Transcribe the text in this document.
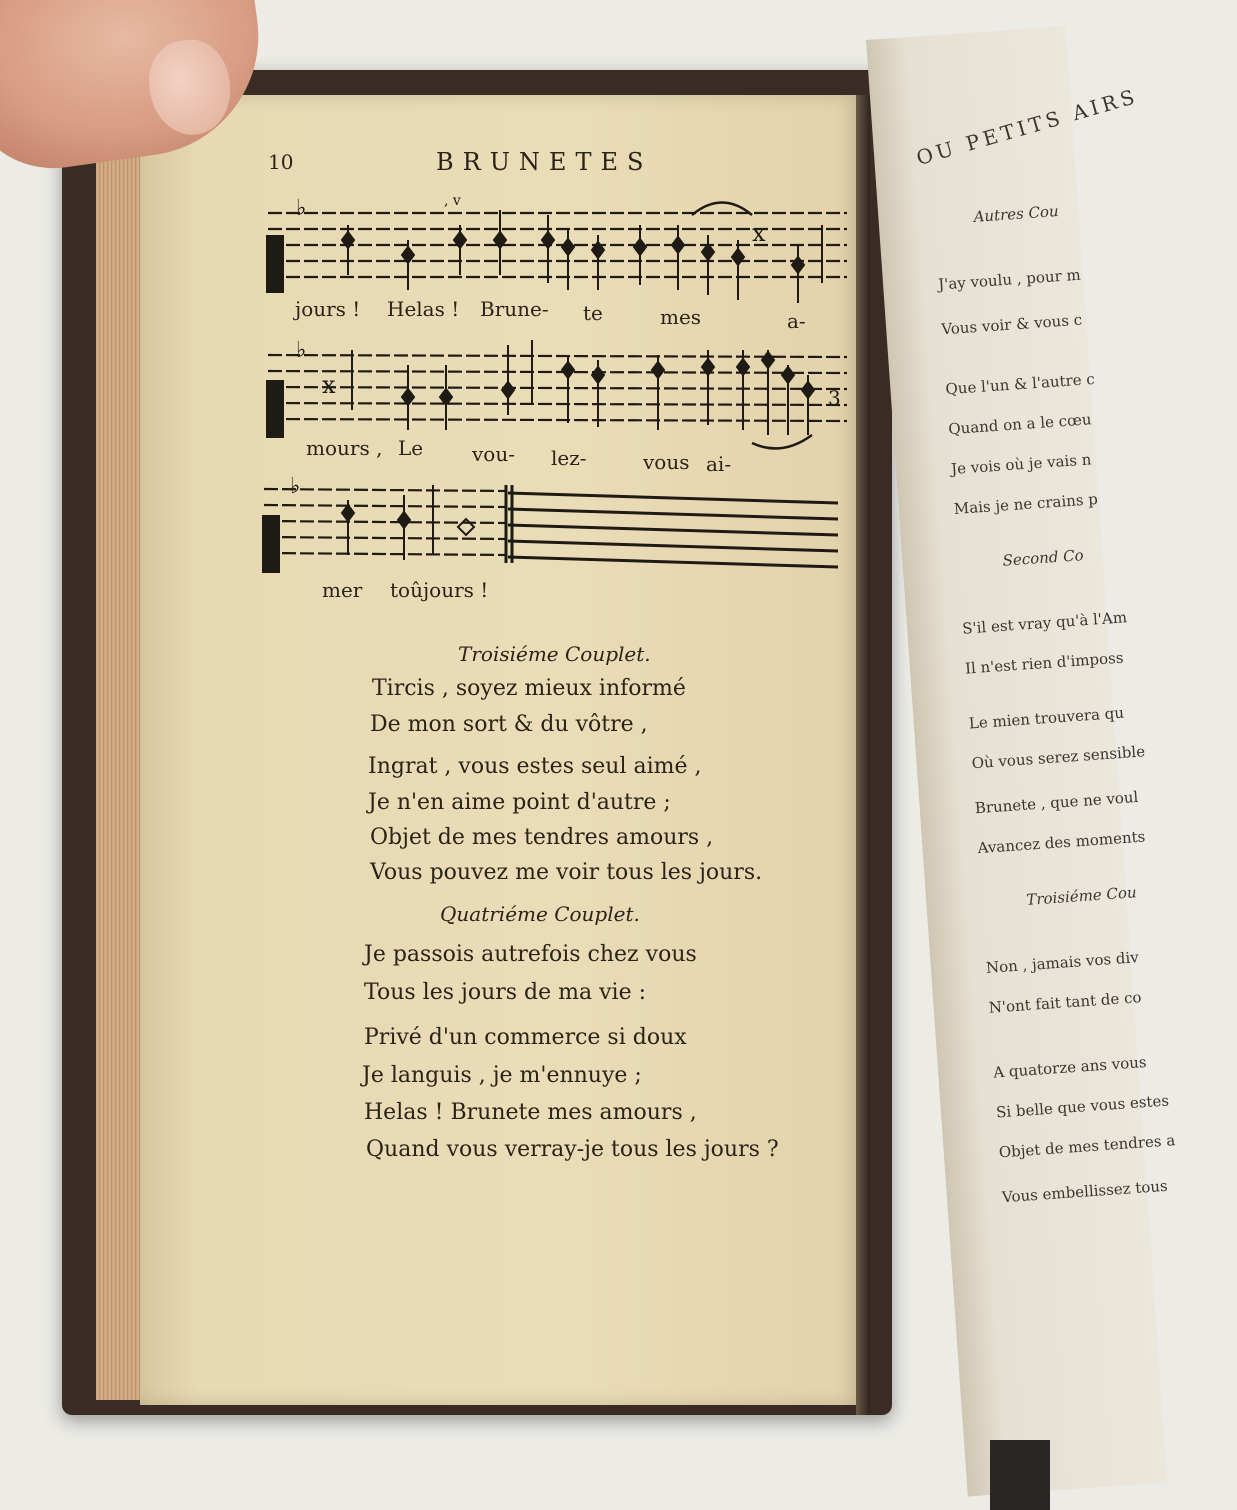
OU PETITS AIRS
Autres Cou
J'ay voulu , pour m
Vous voir & vous c
Que l'un & l'autre c
Quand on a le cœu
Je vois où je vais n
Mais je ne crains p
Second Co
S'il est vray qu'à l'Am
Il n'est rien d'imposs
Le mien trouvera qu
Où vous serez sensible
Brunete , que ne voul
Avancez des moments
Troisiéme Cou
Non , jamais vos div
N'ont fait tant de co
A quatorze ans vous
Si belle que vous estes
Objet de mes tendres a
Vous embellissez tous
10	BRUNETES
♭
x
, v
jours ! Helas ! Brune- te	mes	a-
♭
x	3
mours , Le vou- lez-	vous ai-
♭
mer toûjours !
Troisiéme Couplet.
Tircis , soyez mieux informé
De mon sort & du vôtre ,
Ingrat , vous estes seul aimé ,
Je n'en aime point d'autre ;
Objet de mes tendres amours ,
Vous pouvez me voir tous les jours.
Quatriéme Couplet.
Je passois autrefois chez vous
Tous les jours de ma vie :
Privé d'un commerce si doux
Je languis , je m'ennuye ;
Helas ! Brunete mes amours ,
Quand vous verray-je tous les jours ?
